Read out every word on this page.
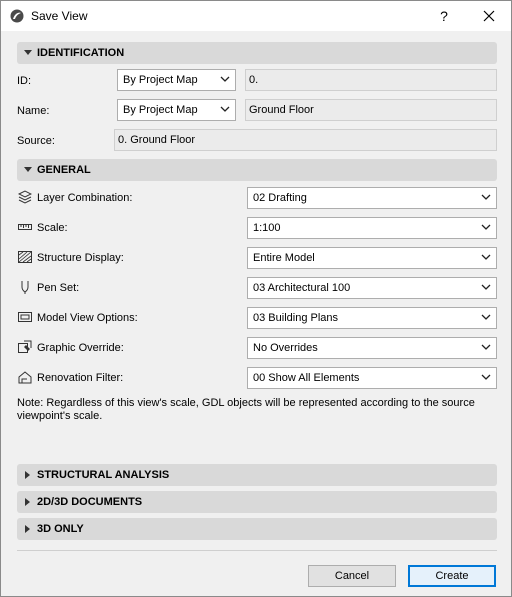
Save View	?
IDENTIFICATION
ID:	By Project Map	0.
Name:	By Project Map	Ground Floor
Source:	0. Ground Floor
GENERAL
Layer Combination:	02 Drafting
Scale:	1:100
Structure Display:	Entire Model
Pen Set:	03 Architectural 100
Model View Options:	03 Building Plans
Graphic Override:	No Overrides
Renovation Filter:	00 Show All Elements
Note: Regardless of this view's scale, GDL objects will be represented according to the source viewpoint's scale.
STRUCTURAL ANALYSIS
2D/3D DOCUMENTS
3D ONLY
Cancel	Create
